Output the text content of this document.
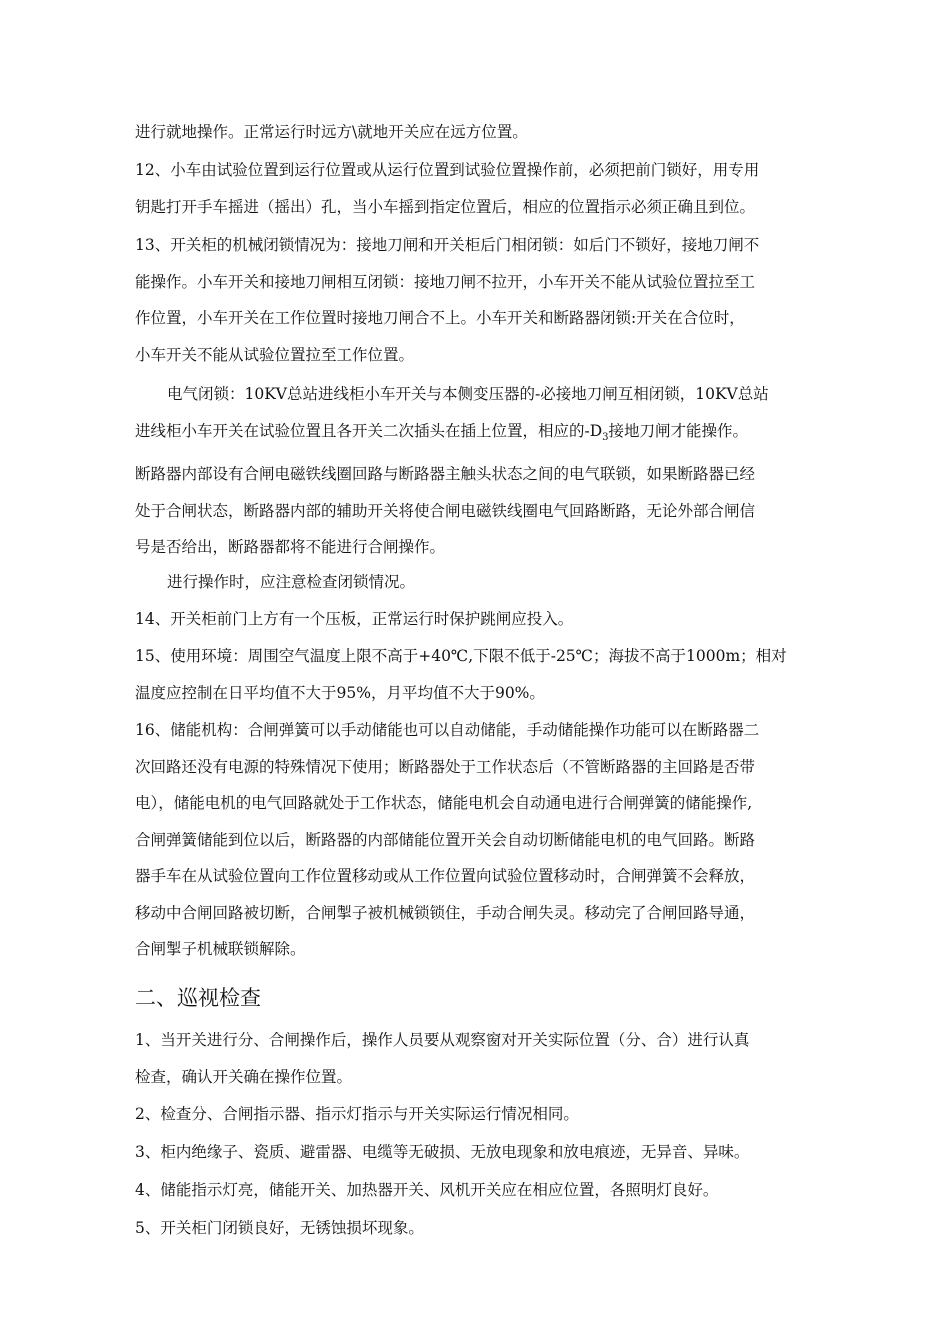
进行就地操作。正常运行时远方\就地开关应在远方位置。

12、小车由试验位置到运行位置或从运行位置到试验位置操作前，必须把前门锁好，用专用
钥匙打开手车摇进（摇出）孔，当小车摇到指定位置后，相应的位置指示必须正确且到位。

13、开关柜的机械闭锁情况为：接地刀闸和开关柜后门相闭锁：如后门不锁好，接地刀闸不
能操作。小车开关和接地刀闸相互闭锁：接地刀闸不拉开，小车开关不能从试验位置拉至工
作位置，小车开关在工作位置时接地刀闸合不上。小车开关和断路器闭锁:开关在合位时，
小车开关不能从试验位置拉至工作位置。

电气闭锁：10KV总站进线柜小车开关与本侧变压器的-必接地刀闸互相闭锁，10KV总站
进线柜小车开关在试验位置且各开关二次插头在插上位置，相应的$-D_3$接地刀闸才能操作。
断路器内部设有合闸电磁铁线圈回路与断路器主触头状态之间的电气联锁，如果断路器已经
处于合闸状态，断路器内部的辅助开关将使合闸电磁铁线圈电气回路断路，无论外部合闸信
号是否给出，断路器都将不能进行合闸操作。

进行操作时，应注意检查闭锁情况。

14、开关柜前门上方有一个压板，正常运行时保护跳闸应投入。

15、使用环境：周围空气温度上限不高于+40℃,下限不低于-25℃；海拔不高于1000m；相对
温度应控制在日平均值不大于95%，月平均值不大于90%。

16、储能机构：合闸弹簧可以手动储能也可以自动储能，手动储能操作功能可以在断路器二
次回路还没有电源的特殊情况下使用；断路器处于工作状态后（不管断路器的主回路是否带
电），储能电机的电气回路就处于工作状态，储能电机会自动通电进行合闸弹簧的储能操作,
合闸弹簧储能到位以后，断路器的内部储能位置开关会自动切断储能电机的电气回路。断路
器手车在从试验位置向工作位置移动或从工作位置向试验位置移动时，合闸弹簧不会释放，
移动中合闸回路被切断，合闸掣子被机械锁锁住，手动合闸失灵。移动完了合闸回路导通，
合闸掣子机械联锁解除。

二、巡视检查

1、当开关进行分、合闸操作后，操作人员要从观察窗对开关实际位置（分、合）进行认真
检查，确认开关确在操作位置。

2、检查分、合闸指示器、指示灯指示与开关实际运行情况相同。

3、柜内绝缘子、瓷质、避雷器、电缆等无破损、无放电现象和放电痕迹，无异音、异味。

4、储能指示灯亮，储能开关、加热器开关、风机开关应在相应位置，各照明灯良好。

5、开关柜门闭锁良好，无锈蚀损坏现象。
